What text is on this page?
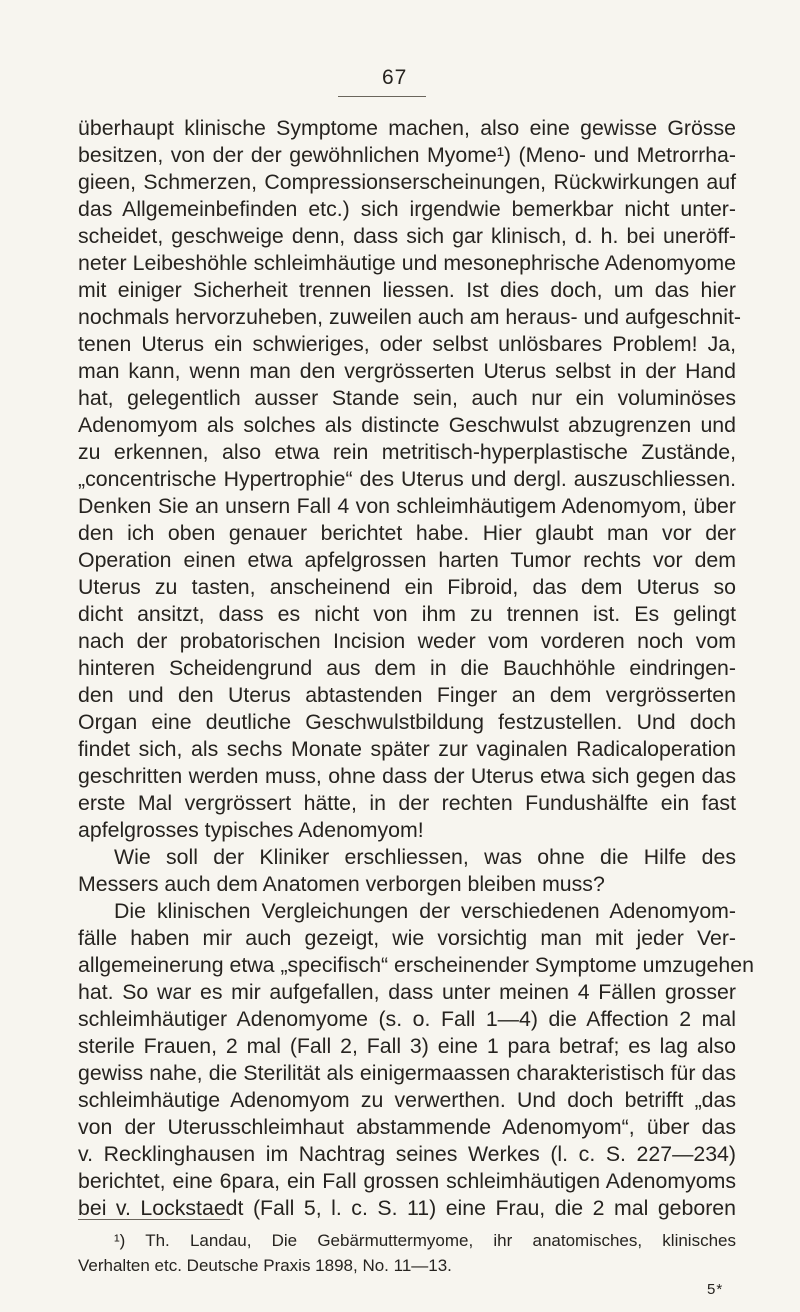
67
überhaupt klinische Symptome machen, also eine gewisse Grösse
besitzen, von der der gewöhnlichen Myome¹) (Meno- und Metrorrha-
gieen, Schmerzen, Compressionserscheinungen, Rückwirkungen auf
das Allgemeinbefinden etc.) sich irgendwie bemerkbar nicht unter-
scheidet, geschweige denn, dass sich gar klinisch, d. h. bei uneröff-
neter Leibeshöhle schleimhäutige und mesonephrische Adenomyome
mit einiger Sicherheit trennen liessen. Ist dies doch, um das hier
nochmals hervorzuheben, zuweilen auch am heraus- und aufgeschnit-
tenen Uterus ein schwieriges, oder selbst unlösbares Problem! Ja,
man kann, wenn man den vergrösserten Uterus selbst in der Hand
hat, gelegentlich ausser Stande sein, auch nur ein voluminöses
Adenomyom als solches als distincte Geschwulst abzugrenzen und
zu erkennen, also etwa rein metritisch-hyperplastische Zustände,
„concentrische Hypertrophie“ des Uterus und dergl. auszuschliessen.
Denken Sie an unsern Fall 4 von schleimhäutigem Adenomyom, über
den ich oben genauer berichtet habe. Hier glaubt man vor der
Operation einen etwa apfelgrossen harten Tumor rechts vor dem
Uterus zu tasten, anscheinend ein Fibroid, das dem Uterus so
dicht ansitzt, dass es nicht von ihm zu trennen ist. Es gelingt
nach der probatorischen Incision weder vom vorderen noch vom
hinteren Scheidengrund aus dem in die Bauchhöhle eindringen-
den und den Uterus abtastenden Finger an dem vergrösserten
Organ eine deutliche Geschwulstbildung festzustellen. Und doch
findet sich, als sechs Monate später zur vaginalen Radicaloperation
geschritten werden muss, ohne dass der Uterus etwa sich gegen das
erste Mal vergrössert hätte, in der rechten Fundushälfte ein fast
apfelgrosses typisches Adenomyom!
Wie soll der Kliniker erschliessen, was ohne die Hilfe des
Messers auch dem Anatomen verborgen bleiben muss?
Die klinischen Vergleichungen der verschiedenen Adenomyom-
fälle haben mir auch gezeigt, wie vorsichtig man mit jeder Ver-
allgemeinerung etwa „specifisch“ erscheinender Symptome umzugehen
hat. So war es mir aufgefallen, dass unter meinen 4 Fällen grosser
schleimhäutiger Adenomyome (s. o. Fall 1—4) die Affection 2 mal
sterile Frauen, 2 mal (Fall 2, Fall 3) eine 1 para betraf; es lag also
gewiss nahe, die Sterilität als einigermaassen charakteristisch für das
schleimhäutige Adenomyom zu verwerthen. Und doch betrifft „das
von der Uterusschleimhaut abstammende Adenomyom“, über das
v. Recklinghausen im Nachtrag seines Werkes (l. c. S. 227—234)
berichtet, eine 6para, ein Fall grossen schleimhäutigen Adenomyoms
bei v. Lockstaedt (Fall 5, l. c. S. 11) eine Frau, die 2 mal geboren
¹) Th. Landau, Die Gebärmuttermyome, ihr anatomisches, klinisches
Verhalten etc. Deutsche Praxis 1898, No. 11—13.
5*
